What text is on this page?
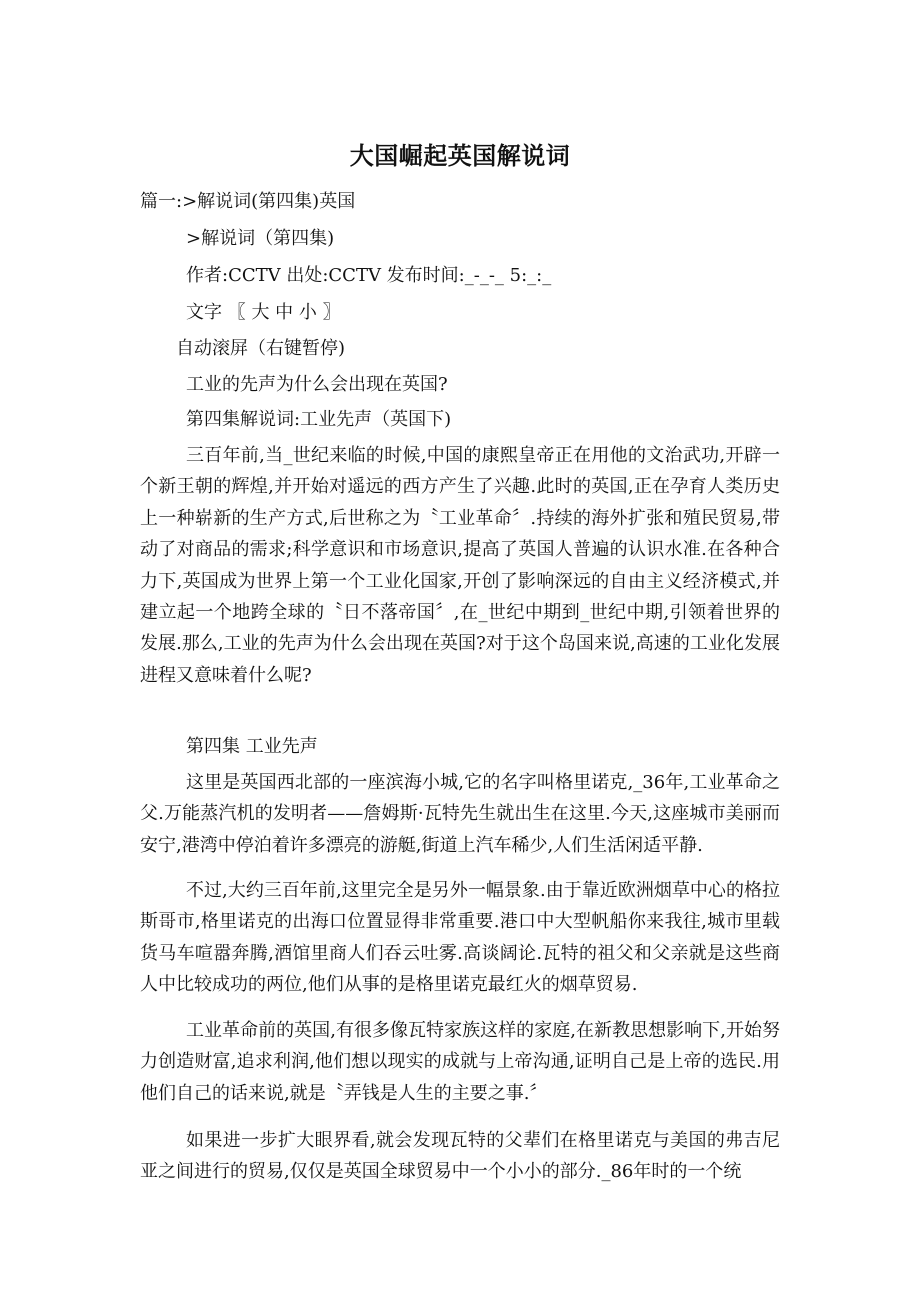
大国崛起英国解说词
篇一:>解说词(第四集)英国
>解说词（第四集)
作者:CCTV 出处:CCTV 发布时间:_-_-_ 5:_:_
文字 〖 大 中 小 〗
自动滚屏（右键暂停)
工业的先声为什么会出现在英国?
第四集解说词:工业先声（英国下)
三百年前,当_世纪来临的时候,中国的康熙皇帝正在用他的文治武功,开辟一个新王朝的辉煌,并开始对遥远的西方产生了兴趣.此时的英国,正在孕育人类历史上一种崭新的生产方式,后世称之为〝工业革命〞.持续的海外扩张和殖民贸易,带动了对商品的需求;科学意识和市场意识,提高了英国人普遍的认识水准.在各种合力下,英国成为世界上第一个工业化国家,开创了影响深远的自由主义经济模式,并建立起一个地跨全球的〝日不落帝国〞,在_世纪中期到_世纪中期,引领着世界的发展.那么,工业的先声为什么会出现在英国?对于这个岛国来说,高速的工业化发展进程又意味着什么呢?
第四集 工业先声
这里是英国西北部的一座滨海小城,它的名字叫格里诺克,_36年,工业革命之父.万能蒸汽机的发明者——詹姆斯·瓦特先生就出生在这里.今天,这座城市美丽而安宁,港湾中停泊着许多漂亮的游艇,街道上汽车稀少,人们生活闲适平静.
不过,大约三百年前,这里完全是另外一幅景象.由于靠近欧洲烟草中心的格拉斯哥市,格里诺克的出海口位置显得非常重要.港口中大型帆船你来我往,城市里载货马车喧嚣奔腾,酒馆里商人们吞云吐雾.高谈阔论.瓦特的祖父和父亲就是这些商人中比较成功的两位,他们从事的是格里诺克最红火的烟草贸易.
工业革命前的英国,有很多像瓦特家族这样的家庭,在新教思想影响下,开始努力创造财富,追求利润,他们想以现实的成就与上帝沟通,证明自己是上帝的选民.用他们自己的话来说,就是〝弄钱是人生的主要之事.〞
如果进一步扩大眼界看,就会发现瓦特的父辈们在格里诺克与美国的弗吉尼亚之间进行的贸易,仅仅是英国全球贸易中一个小小的部分._86年时的一个统
